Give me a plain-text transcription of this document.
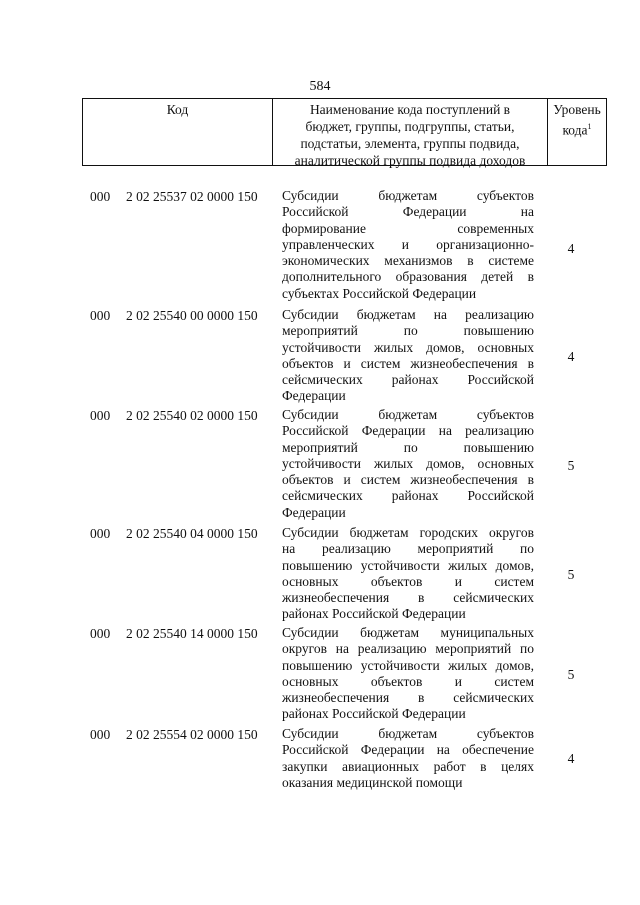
584
Код	Наименование кода поступлений в
бюджет, группы, подгруппы, статьи,
подстатьи, элемента, группы подвида,
аналитической группы подвида доходов
Уровень
кода$^1$
000 2 02 25537 02 0000 150 Субсидии бюджетам субъектов
Российской Федерации на
формирование современных
управленческих и организационно-
экономических механизмов в системе
дополнительного образования детей в
субъектах Российской Федерации
4
000 2 02 25540 00 0000 150 Субсидии бюджетам на реализацию
мероприятий по повышению
устойчивости жилых домов, основных
объектов и систем жизнеобеспечения в
сейсмических районах Российской
Федерации
4
000 2 02 25540 02 0000 150 Субсидии бюджетам субъектов
Российской Федерации на реализацию
мероприятий по повышению
устойчивости жилых домов, основных
объектов и систем жизнеобеспечения в
сейсмических районах Российской
Федерации
5
000 2 02 25540 04 0000 150 Субсидии бюджетам городских округов
на реализацию мероприятий по
повышению устойчивости жилых домов,
основных объектов и систем
жизнеобеспечения в сейсмических
районах Российской Федерации
5
000 2 02 25540 14 0000 150 Субсидии бюджетам муниципальных
округов на реализацию мероприятий по
повышению устойчивости жилых домов,
основных объектов и систем
жизнеобеспечения в сейсмических
районах Российской Федерации
5
000 2 02 25554 02 0000 150 Субсидии бюджетам субъектов
Российской Федерации на обеспечение
закупки авиационных работ в целях
оказания медицинской помощи
4
